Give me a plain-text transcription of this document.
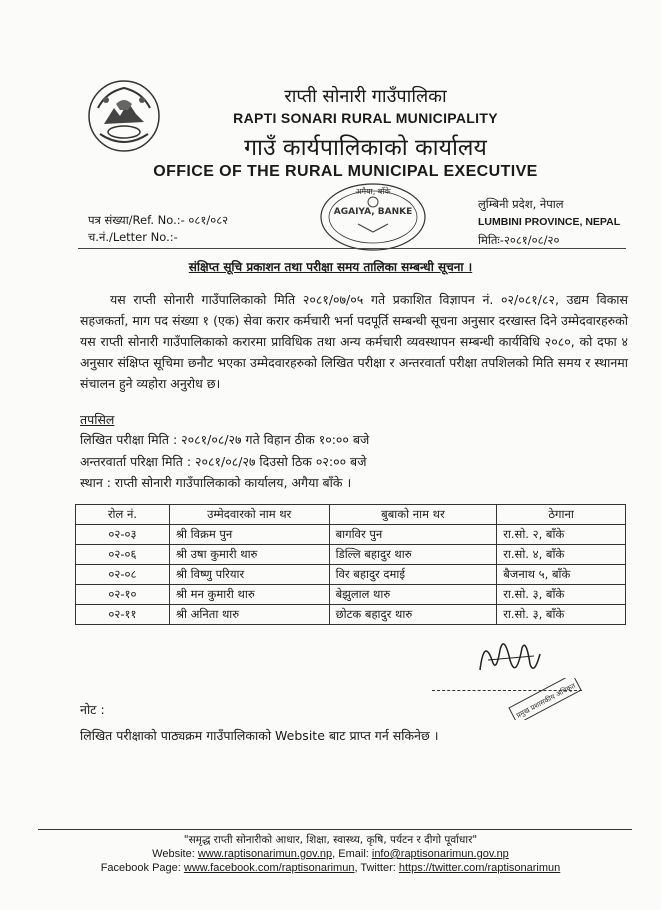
राप्ती सोनारी गाउँपालिका
RAPTI SONARI RURAL MUNICIPALITY
गाउँ कार्यपालिकाको कार्यालय
OFFICE OF THE RURAL MUNICIPAL EXECUTIVE
अगैया, बाँके
AGAIYA, BANKE
पत्र संख्या/Ref. No.:- ०८१/०८२
च.नं./Letter No.:-
लुम्बिनी प्रदेश, नेपाल
LUMBINI PROVINCE, NEPAL
मितिः-२०८१/०८/२०
संक्षिप्त सूचि प्रकाशन तथा परीक्षा समय तालिका सम्बन्धी सूचना ।
यस राप्ती सोनारी गाउँपालिकाको मिति २०८१/०७/०५ गते प्रकाशित विज्ञापन नं. ०२/०८१/८२, उद्यम विकास सहजकर्ता, माग पद संख्या १ (एक) सेवा करार कर्मचारी भर्ना पदपूर्ति सम्बन्धी सूचना अनुसार दरखास्त दिने उम्मेदवारहरुको यस राप्ती सोनारी गाउँपालिकाको करारमा प्राविधिक तथा अन्य कर्मचारी व्यवस्थापन सम्बन्धी कार्यविधि २०८०, को दफा ४ अनुसार संक्षिप्त सूचिमा छनौट भएका उम्मेदवारहरुको लिखित परीक्षा र अन्तरवार्ता परीक्षा तपशिलको मिति समय र स्थानमा संचालन हुने व्यहोरा अनुरोध छ।
तपसिल
लिखित परीक्षा मिति : २०८१/०८/२७ गते विहान ठीक १०:०० बजे
अन्तरवार्ता परिक्षा मिति : २०८१/०८/२७ दिउसो ठिक ०२:०० बजे
स्थान : राप्ती सोनारी गाउँपालिकाको कार्यालय, अगैया बाँके ।
रोल नं.	उम्मेदवारको नाम थर	बुबाको नाम थर	ठेगाना
०२-०३	श्री विक्रम पुन	बागविर पुन	रा.सो. २, बाँके
०२-०६	श्री उषा कुमारी थारु	डिल्लि बहादुर थारु	रा.सो. ४, बाँके
०२-०८	श्री विष्णु परियार	विर बहादुर दमाई	बैजनाथ ५, बाँके
०२-१०	श्री मन कुमारी थारु	बेझुलाल थारु	रा.सो. ३, बाँके
०२-११	श्री अनिता थारु	छोटक बहादुर थारु	रा.सो. ३, बाँके
प्रमुख प्रशासकीय अधिकृत
नोट :
लिखित परीक्षाको पाठ्यक्रम गाउँपालिकाको Website बाट प्राप्त गर्न सकिनेछ ।
"समृद्ध राप्ती सोनारीको आधार, शिक्षा, स्वास्थ्य, कृषि, पर्यटन र दीगो पूर्वाधार"
Website: www.raptisonarimun.gov.np, Email: info@raptisonarimun.gov.np
Facebook Page: www.facebook.com/raptisonarimun, Twitter: https://twitter.com/raptisonarimun
